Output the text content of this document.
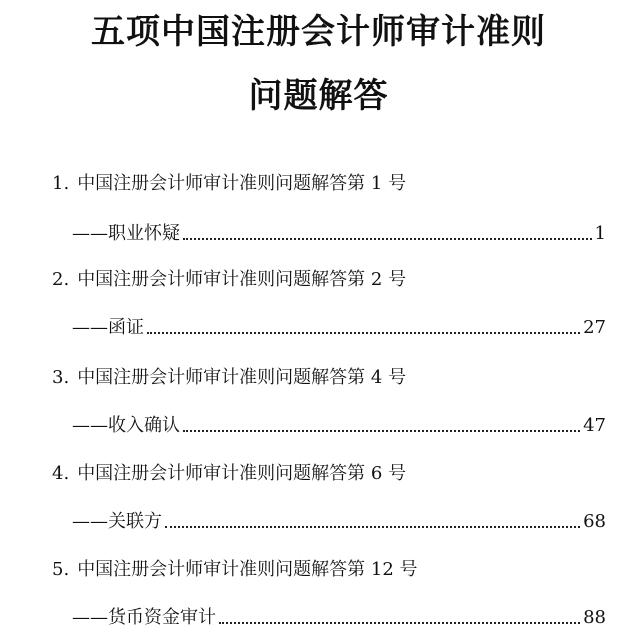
五项中国注册会计师审计准则
问题解答
1. 中国注册会计师审计准则问题解答第 1 号
——职业怀疑	1
2. 中国注册会计师审计准则问题解答第 2 号
——函证	27
3. 中国注册会计师审计准则问题解答第 4 号
——收入确认	47
4. 中国注册会计师审计准则问题解答第 6 号
——关联方	68
5. 中国注册会计师审计准则问题解答第 12 号
——货币资金审计	88
